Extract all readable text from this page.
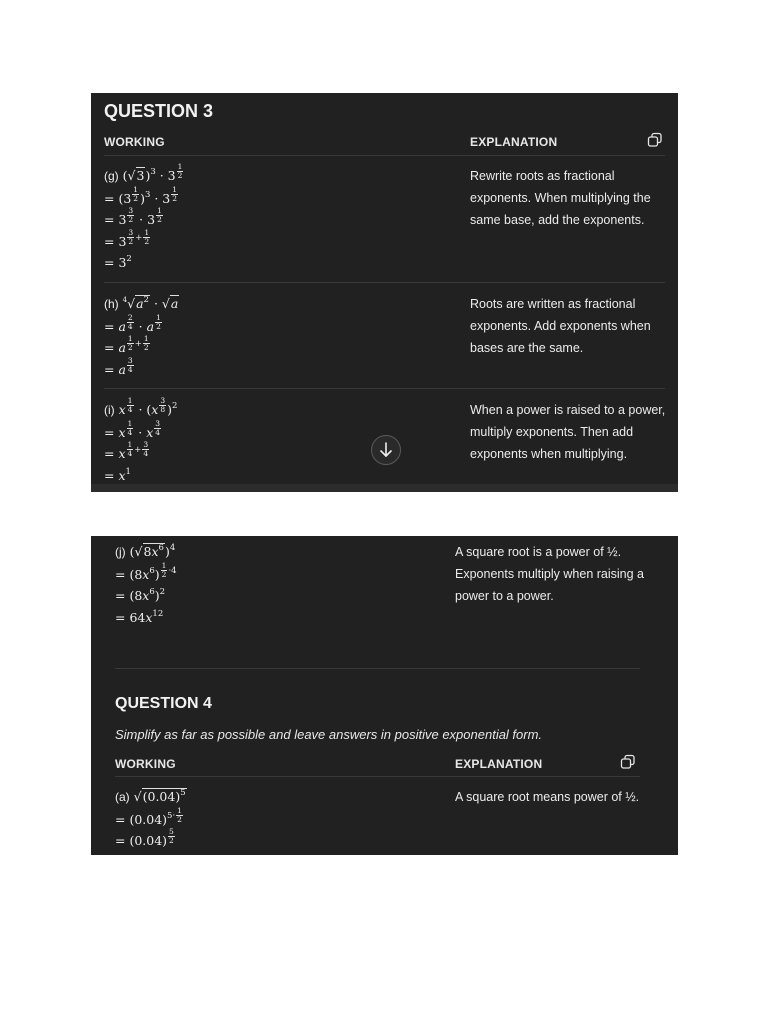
QUESTION 3
WORKING	EXPLANATION
(g) $(√3)^3 \cdot 3 \frac{1}{2}$
= $(3 \frac{1}{2} )^3 \cdot 3 \frac{1}{2}$
= $3 \frac{3}{2} \cdot 3 \frac{1}{2}$
= $3 \frac{3}{2} ^+ \frac{1}{2}$
= $3^2$
Rewrite roots as fractional exponents. When multiplying the same base, add the exponents.
(h) $^4√a^2 \cdot √a$
= a $\frac{2}{4} \cdot a \frac{1}{2}$
= a $\frac{1}{2} ^+ \frac{1}{2}$
= a $\frac{3}{4}$
Roots are written as fractional exponents. Add exponents when bases are the same.
(i) x $\frac{1}{4} \cdot (x \frac{3}{8} )^2$
= x $\frac{1}{4} \cdot x \frac{3}{4}$
= x $\frac{1}{4} ^+ \frac{3}{4}$
= $x^1$
When a power is raised to a power, multiply exponents. Then add exponents when multiplying.
(j) $(√8x^6)^4$
= $(8x^6) \frac{1}{2} ^{\cdot 4}$
= $(8x^6)^2$
= $64x^{12}$
A square root is a power of ½. Exponents multiply when raising a power to a power.
QUESTION 4
Simplify as far as possible and leave answers in positive exponential form.
WORKING	EXPLANATION
(a) $√(0.04)^5$
= $(0.04)^{5\cdot} \frac{1}{2}$
= $(0.04) \frac{5}{2}$
A square root means power of ½.
